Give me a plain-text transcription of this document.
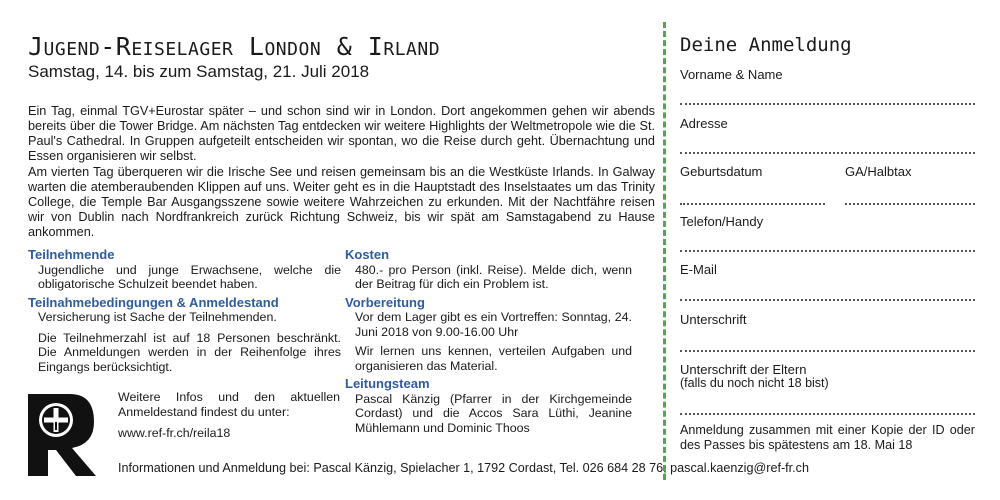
Jugend-Reiselager London & Irland
Samstag, 14. bis zum Samstag, 21. Juli 2018

Ein Tag, einmal TGV+Eurostar später – und schon sind wir in London. Dort angekommen gehen wir abends bereits über die Tower Bridge. Am nächsten Tag entdecken wir weitere Highlights der Weltmetropole wie die St. Paul's Cathedral. In Gruppen aufgeteilt entscheiden wir spontan, wo die Reise durch geht. Übernachtung und Essen organisieren wir selbst.

Am vierten Tag überqueren wir die Irische See und reisen gemeinsam bis an die Westküste Irlands. In Galway warten die atemberaubenden Klippen auf uns. Weiter geht es in die Hauptstadt des Inselstaates um das Trinity College, die Temple Bar Ausgangsszene sowie weitere Wahrzeichen zu erkunden. Mit der Nachtfähre reisen wir von Dublin nach Nordfrankreich zurück Richtung Schweiz, bis wir spät am Samstagabend zu Hause ankommen.

Teilnehmende

Jugendliche und junge Erwachsene, welche die obligatorische Schulzeit beendet haben.

Teilnahmebedingungen & Anmeldestand

Versicherung ist Sache der Teilnehmenden.

Die Teilnehmerzahl ist auf 18 Personen beschränkt. Die Anmeldungen werden in der Reihenfolge ihres Eingangs berücksichtigt.

Weitere Infos und den aktuellen Anmeldestand findest du unter:

www.ref-fr.ch/reila18
Kosten

480.- pro Person (inkl. Reise). Melde dich, wenn der Beitrag für dich ein Problem ist.

Vorbereitung

Vor dem Lager gibt es ein Vortreffen: Sonntag, 24. Juni 2018 von 9.00-16.00 Uhr

Wir lernen uns kennen, verteilen Aufgaben und organisieren das Material.

Leitungsteam

Pascal Känzig (Pfarrer in der Kirchgemeinde Cordast) und die Accos Sara Lüthi, Jeanine Mühlemann und Dominic Thoos

Informationen und Anmeldung bei: Pascal Känzig, Spielacher 1, 1792 Cordast, Tel. 026 684 28 76, pascal.kaenzig@ref-fr.ch
Deine Anmeldung
Vorname & Name
Adresse
Geburtsdatum	GA/Halbtax
Telefon/Handy
E-Mail
Unterschrift
Unterschrift der Eltern
(falls du noch nicht 18 bist)
Anmeldung zusammen mit einer Kopie der ID oder des Passes bis spätestens am 18. Mai 18
